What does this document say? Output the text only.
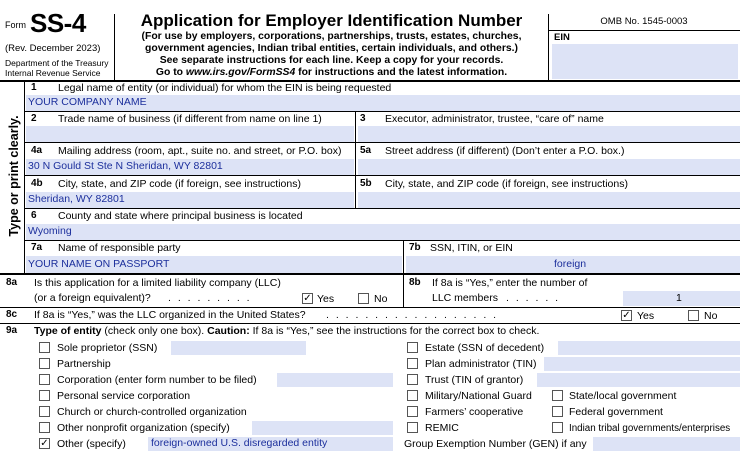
Form SS-4
(Rev. December 2023)
Department of the Treasury
Internal Revenue Service
Application for Employer Identification Number
(For use by employers, corporations, partnerships, trusts, estates, churches,
government agencies, Indian tribal entities, certain individuals, and others.)
See separate instructions for each line. Keep a copy for your records.
Go to www.irs.gov/FormSS4 for instructions and the latest information.
OMB No. 1545-0003
EIN
Type or print clearly.
1 Legal name of entity (or individual) for whom the EIN is being requested
YOUR COMPANY NAME
2 Trade name of business (if different from name on line 1)	3 Executor, administrator, trustee, “care of” name
4a Mailing address (room, apt., suite no. and street, or P.O. box)
30 N Gould St Ste N Sheridan, WY 82801
5a Street address (if different) (Don’t enter a P.O. box.)
4b City, state, and ZIP code (if foreign, see instructions)
Sheridan, WY 82801
5b City, state, and ZIP code (if foreign, see instructions)
6 County and state where principal business is located
Wyoming
7a Name of responsible party
YOUR NAME ON PASSPORT
7b SSN, ITIN, or EIN
foreign
8a Is this application for a limited liability company (LLC)
(or a foreign equivalent)? . . . . . . . . .	✓ Yes	No
8b If 8a is “Yes,” enter the number of
LLC members . . . . . .	1
8c If 8a is “Yes,” was the LLC organized in the United States? . . . . . . . . . . . . . . . . . .	✓ Yes	No
9a Type of entity (check only one box). Caution: If 8a is “Yes,” see the instructions for the correct box to check.
Sole proprietor (SSN)
Partnership
Corporation (enter form number to be filed)
Personal service corporation
Church or church-controlled organization
Other nonprofit organization (specify)
✓ Other (specify) foreign-owned U.S. disregarded entity
Estate (SSN of decedent)
Plan administrator (TIN)
Trust (TIN of grantor)
Military/National Guard
Farmers’ cooperative
REMIC
State/local government
Federal government
Indian tribal governments/enterprises
Group Exemption Number (GEN) if any
